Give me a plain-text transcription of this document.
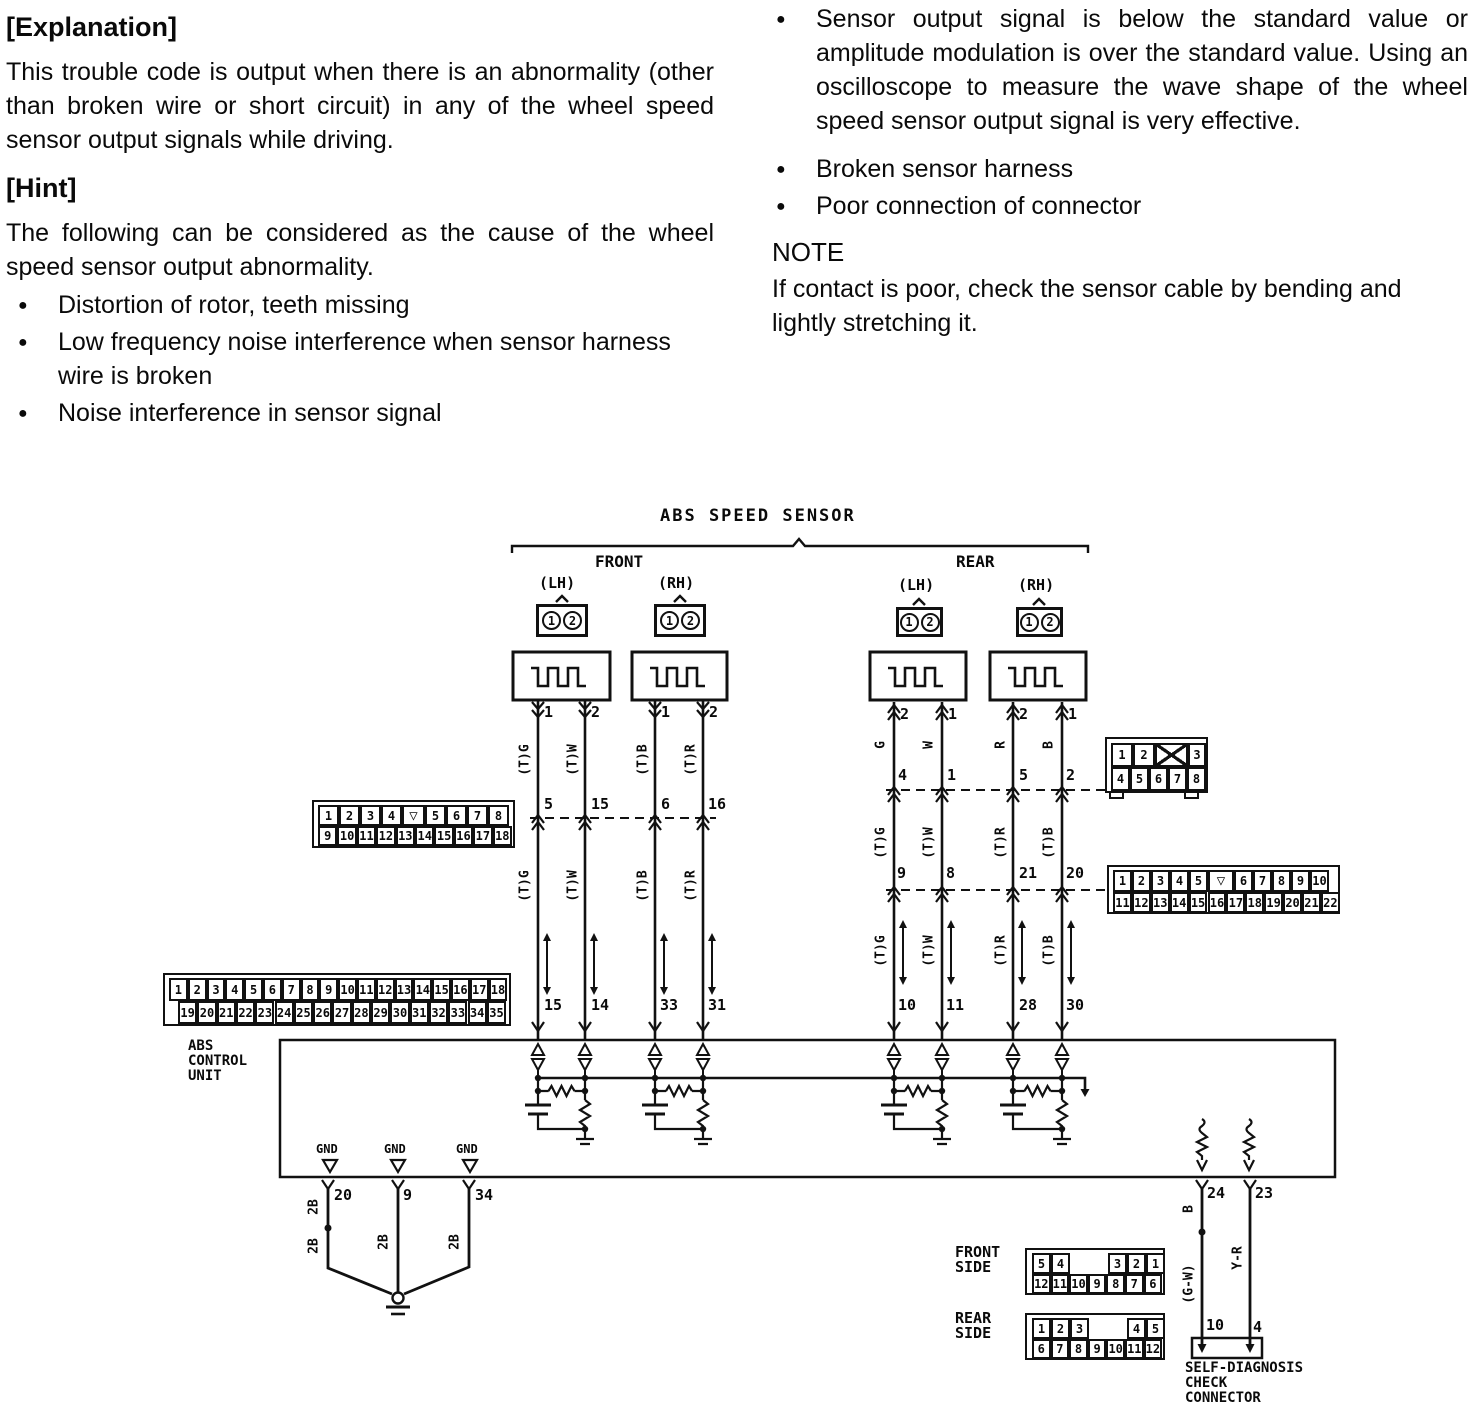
[Explanation]

This trouble code is output when there is an abnormality (other than broken wire or short circuit) in any of the wheel speed sensor output signals while driving.

[Hint]

The following can be considered as the cause of the wheel speed sensor output abnormality.

● Distortion of rotor, teeth missing
● Low frequency noise interference when sensor harness wire is broken
● Noise interference in sensor signal
● Sensor output signal is below the standard value or amplitude modulation is over the standard value. Using an oscilloscope to measure the wave shape of the wheel speed sensor output signal is very effective.
● Broken sensor harness
● Poor connection of connector
NOTE

If contact is poor, check the sensor cable by bending and lightly stretching it.

ABS SPEED SENSOR
FRONT	REAR
(LH)	(RH)	(LH)	(RH)
ABS
CONTROL
UNIT
GND	GND	GND
FRONT
SIDE
REAR
SIDE
SELF-DIAGNOSIS
CHECK
CONNECTOR
1	2	1	2	2	1	2	1
5	15	6	16
4	1	5	2
9	8	21 20
15 14	33 31	10 11	28 30
20	9	34	24 23
10 4
(T)G	(T)W	(T)B	(T)R
(T)G	(T)W	(T)B	(T)R
G	W	R	B
(T)G	(T)W	(T)R	(T)B
(T)G	(T)W	(T)R	(T)B
2B
2B	2B	2B
B
(G-W)
Y-R
1	2	3	4	▽	5	6	7	8
9 10 11 12 13 14 15 16 17 18
1 2 3 4 5 6 7 8 9 10 11 12 13 14 15 16 17 18
19 20 21 22 23 24 25 26 27 28 29 30 31 32 33 34 35
1	2	3
4 5 6 7 8
1 2 3 4 5	▽	6 7 8 9 10
11 12 13 14 15 16 17 18 19 20 21 22
5 4	3 2 1
12 11 10 9 8 7 6
1 2 3	4 5
6 7 8 9 10 11 12
1	2	1	2	1	2	1	2
